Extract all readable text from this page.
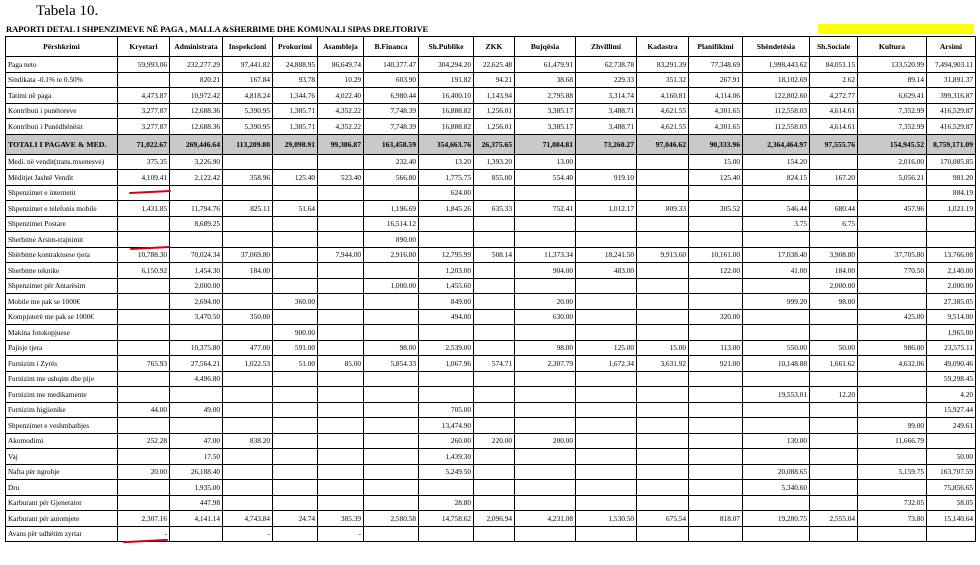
Tabela 10.
RAPORTI DETAL I SHPENZIMEVE NË PAGA , MALLA &SHERBIME DHE KOMUNALI SIPAS DREJTORIVE
Përshkrimi	Kryetari	Administrata	Inspekcioni	Prokurimi	Asambleja	B.Financa	Sh.Publike	ZKK	Bujqësia	Zhvillimi	Kadastra	Planifikimi	Shëndetësia	Sh.Sociale	Kultura	Arsimi
Paga neto	59,993.06	232,277.29	97,441.82	24,888.95	86,649.74	140,377.47	304,294.20	22,625.48	61,479.91	62,738.78	83,291.39	77,348.69	1,998,443.62	84,051.15	133,520.99	7,494,903.11
Sindikata -0.1% te 0.50%		820.21	167.84	93.78	10.29	603.90	191.82	94.21	38.68	229.33	351.32	267.91	18,102.69	2.62	89.14	31,891.37
Tatimi në paga	4,473.87	10,972.42	4,818.24	1,344.76	4,022.40	6,980.44	16,400.10	1,143.94	2,795.88	3,314.74	4,160.81	4,114.06	122,802.60	4,272.77	6,629.41	399,316.87
Kontributi i punëtoreve	3,277.87	12,688.36	5,390.95	1,385.71	4,352.22	7,748.39	16,888.82	1,256.01	3,385.17	3,488.71	4,621.55	4,301.65	112,558.03	4,614.61	7,352.99	416,529.87
Kontributi i Punëdhënësit	3,277.87	12,688.36	5,390.95	1,385.71	4,352.22	7,748.39	16,888.82	1,256.01	3,385.17	3,488.71	4,621.55	4,301.65	112,558.03	4,614.61	7,352.99	416,529.87
TOTALI I PAGAVE & MED.	71,022.67	269,446.64	113,209.80	29,098.91	99,386.87	163,458.59	354,663.76	26,375.65	71,084.81	73,260.27	97,046.62	90,333.96	2,364,464.97	97,555.76	154,945.52	8,759,171.09
Medi. në vendit(trans.mxenesve)	375.35	3,226.90				232.40	13.20	1,393.20	13.00			15.00	154.20		2,016.00	170,085.85
Mëditjet Jashtë Vendit	4,109.41	2,122.42	358.96	125.40	523.40	566.80	1,775.75	855.00	554.40	919.10		125.40	824.15	167.20	5,056.21	981.20
Shpenzimet e internetit							624.00									884.19
Shpenzimet e telefonis mobile	1,431.85	11,794.76	825.11	51.64		1,196.69	1,845.26	635.33	752.41	1,012.17	809.33	305.52	546.44	680.44	457.96	1,021.19
Shpenzimet Postare		8,689.25				16,514.12							3.75	6.75		
Sherbime Arsim-trajnimit						890.00										
Shërbime kontraktuese tjera	10,788.30	70,024.34	37,069.80		7,944.00	2,916.80	12,795.99	508.14	11,373.34	18,241.50	9,913.60	10,161.00	17,038.40	3,908.80	37,705.80	13,766.08
Sherbime teknike	6,150.92	1,454.30	184.00				1,203.00		904.00	483.00		122.00	41.00	184.00	770.50	2,140.00
Shpenzimet për Antarësim		2,000.00				1,000.00	1,455.60							2,000.00		2,000.00
Mobile me pak se 1000€		2,694.00		360.00			849.00		20.00				999.20	98.00		27,385.05
Kompjuterë me pak se 1000€		3,470.50	350.00				494.00		630.00			320.00			425.00	9,514.00
Makina fotokopjuese				900.00												1,965.00
Pajisje tjera		10,375.80	477.00	591.00		98.00	2,539.00		98.00	125.00	15.00	113.00	550.00	50.00	986.00	23,575.11
Furnizim i Zyrës	765.93	27,564.21	1,022.53	51.00	85.00	5,854.33	1,067.96	574.71	2,307.79	1,672.34	3,631.92	921.00	10,148.88	1,661.62	4,632.06	49,090.46
Furnizim me ushqim dhe pije		4,496.80														59,298.45
Furnizim me medikamente													19,553.01	12.20		4.20
Furnizim higjienike	44.00	49.00					705.00									15,927.44
Shpenzimet e veshmbathjes							13,474.90								99.00	249.61
Akomodimi	252.28	47.00	838.20				260.00	220.00	200.00				130.00		11,666.79	
Vaj		17.50					1,439.30									50.00
Nafta për ngrohje	20.00	26,188.40					5,249.50						20,088.65		5,159.75	163,707.59
Dru		1,935.00											5,340.60			75,856.65
Karburant për Gjenerator		447.98					28.80								732.05	58.05
Karburant për automjete	2,307.16	4,141.14	4,743.84	24.74	385.39	2,580.58	14,758.62	2,096.94	4,231.08	1,530.50	675.54	818.07	19,280.75	2,555.04	73.80	15,140.64
Avans për udhëtim zyrtar	-		-		-											
